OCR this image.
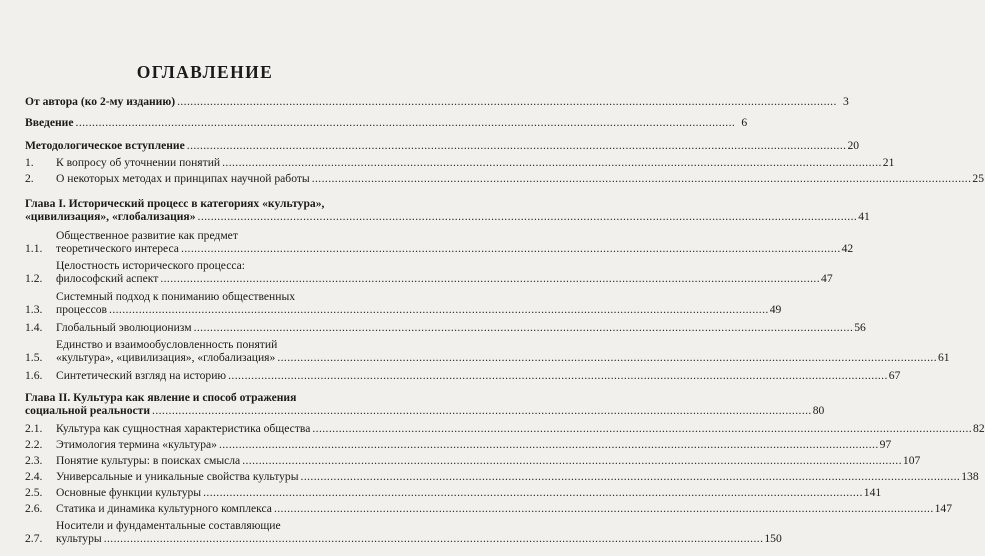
ОГЛАВЛЕНИЕ
От автора (ко 2-му изданию) .....	3
Введение .....	6
Методологическое вступление .....	20
1.	К вопросу об уточнении понятий .....	21
2.	О некоторых методах и принципах научной работы .....	25
Глава I. Исторический процесс в категориях «культура»,
«цивилизация», «глобализация» .....	41
1.1.
Общественное развитие как предмет
теоретического интереса .....	42
1.2.
Целостность исторического процесса:
философский аспект .....	47
1.3.
Системный подход к пониманию общественных
процессов .....	49
1.4.	Глобальный эволюционизм .....	56
1.5.
Единство и взаимообусловленность понятий
«культура», «цивилизация», «глобализация» .....	61
1.6.	Синтетический взгляд на историю .....	67
Глава II. Культура как явление и способ отражения
социальной реальности .....	80
2.1.	Культура как сущностная характеристика общества .....	82
2.2.	Этимология термина «культура» .....	97
2.3.	Понятие культуры: в поисках смысла .....	107
2.4.	Универсальные и уникальные свойства культуры .....	138
2.5.	Основные функции культуры .....	141
2.6.	Статика и динамика культурного комплекса .....	147
2.7.
Носители и фундаментальные составляющие
культуры .....	150
